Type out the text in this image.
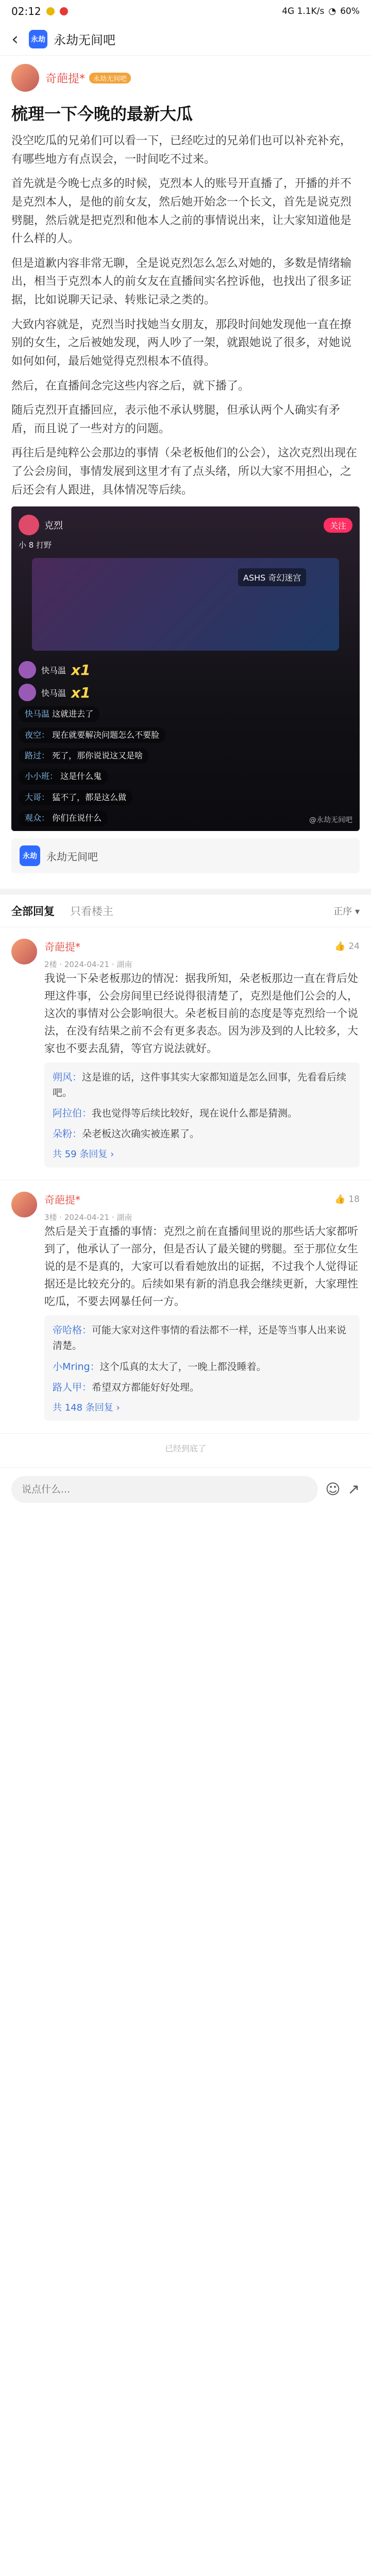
02:12	4G 1.1K/s ◔ 60%
‹	永劫 永劫无间吧
奇葩提*	永劫无间吧
梳理一下今晚的最新大瓜

没空吃瓜的兄弟们可以看一下，已经吃过的兄弟们也可以补充补充，有哪些地方有点误会，一时间吃不过来。

首先就是今晚七点多的时候，克烈本人的账号开直播了，开播的并不是克烈本人，是他的前女友，然后她开始念一个长文，首先是说克烈劈腿，然后就是把克烈和他本人之前的事情说出来，让大家知道他是什么样的人。

但是道歉内容非常无聊，全是说克烈怎么怎么对她的，多数是情绪输出，相当于克烈本人的前女友在直播间实名控诉他，也找出了很多证据，比如说聊天记录、转账记录之类的。

大致内容就是，克烈当时找她当女朋友，那段时间她发现他一直在撩别的女生，之后被她发现，两人吵了一架，就跟她说了很多，对她说如何如何，最后她觉得克烈根本不值得。

然后，在直播间念完这些内容之后，就下播了。

随后克烈开直播回应，表示他不承认劈腿，但承认两个人确实有矛盾，而且说了一些对方的问题。

再往后是纯粹公会那边的事情（朵老板他们的公会），这次克烈出现在了公会房间，事情发展到这里才有了点头绪，所以大家不用担心，之后还会有人跟进，具体情况等后续。

克烈	关注
小 8 打野
ASHS 奇幻迷宫
快马温 x1
快马温 x1
快马温 这就进去了
夜空： 现在就要解决问题怎么不要脸
路过： 死了，那你说说这又是啥
小小班： 这是什么鬼
大哥： 猛不了，都是这么做
观众： 你们在说什么	@永劫无间吧
永劫 永劫无间吧
全部回复 只看楼主	正序 ▾
奇葩提*	👍 24
2楼 · 2024-04-21 · 湖南

我说一下朵老板那边的情况：据我所知，朵老板那边一直在背后处理这件事，公会房间里已经说得很清楚了，克烈是他们公会的人，这次的事情对公会影响很大。朵老板目前的态度是等克烈给一个说法，在没有结果之前不会有更多表态。因为涉及到的人比较多，大家也不要去乱猜，等官方说法就好。

朔风：这是谁的话，这件事其实大家都知道是怎么回事，先看看后续吧。

阿拉伯：我也觉得等后续比较好，现在说什么都是猜测。

朵粉：朵老板这次确实被连累了。

共 59 条回复 ›
奇葩提*	👍 18
3楼 · 2024-04-21 · 湖南

然后是关于直播的事情：克烈之前在直播间里说的那些话大家都听到了，他承认了一部分，但是否认了最关键的劈腿。至于那位女生说的是不是真的，大家可以看看她放出的证据，不过我个人觉得证据还是比较充分的。后续如果有新的消息我会继续更新，大家理性吃瓜，不要去网暴任何一方。

帝哈格：可能大家对这件事情的看法都不一样，还是等当事人出来说清楚。

小Mring：这个瓜真的太大了，一晚上都没睡着。

路人甲：希望双方都能好好处理。

共 148 条回复 ›
已经到底了
说点什么...
☺ ↗
